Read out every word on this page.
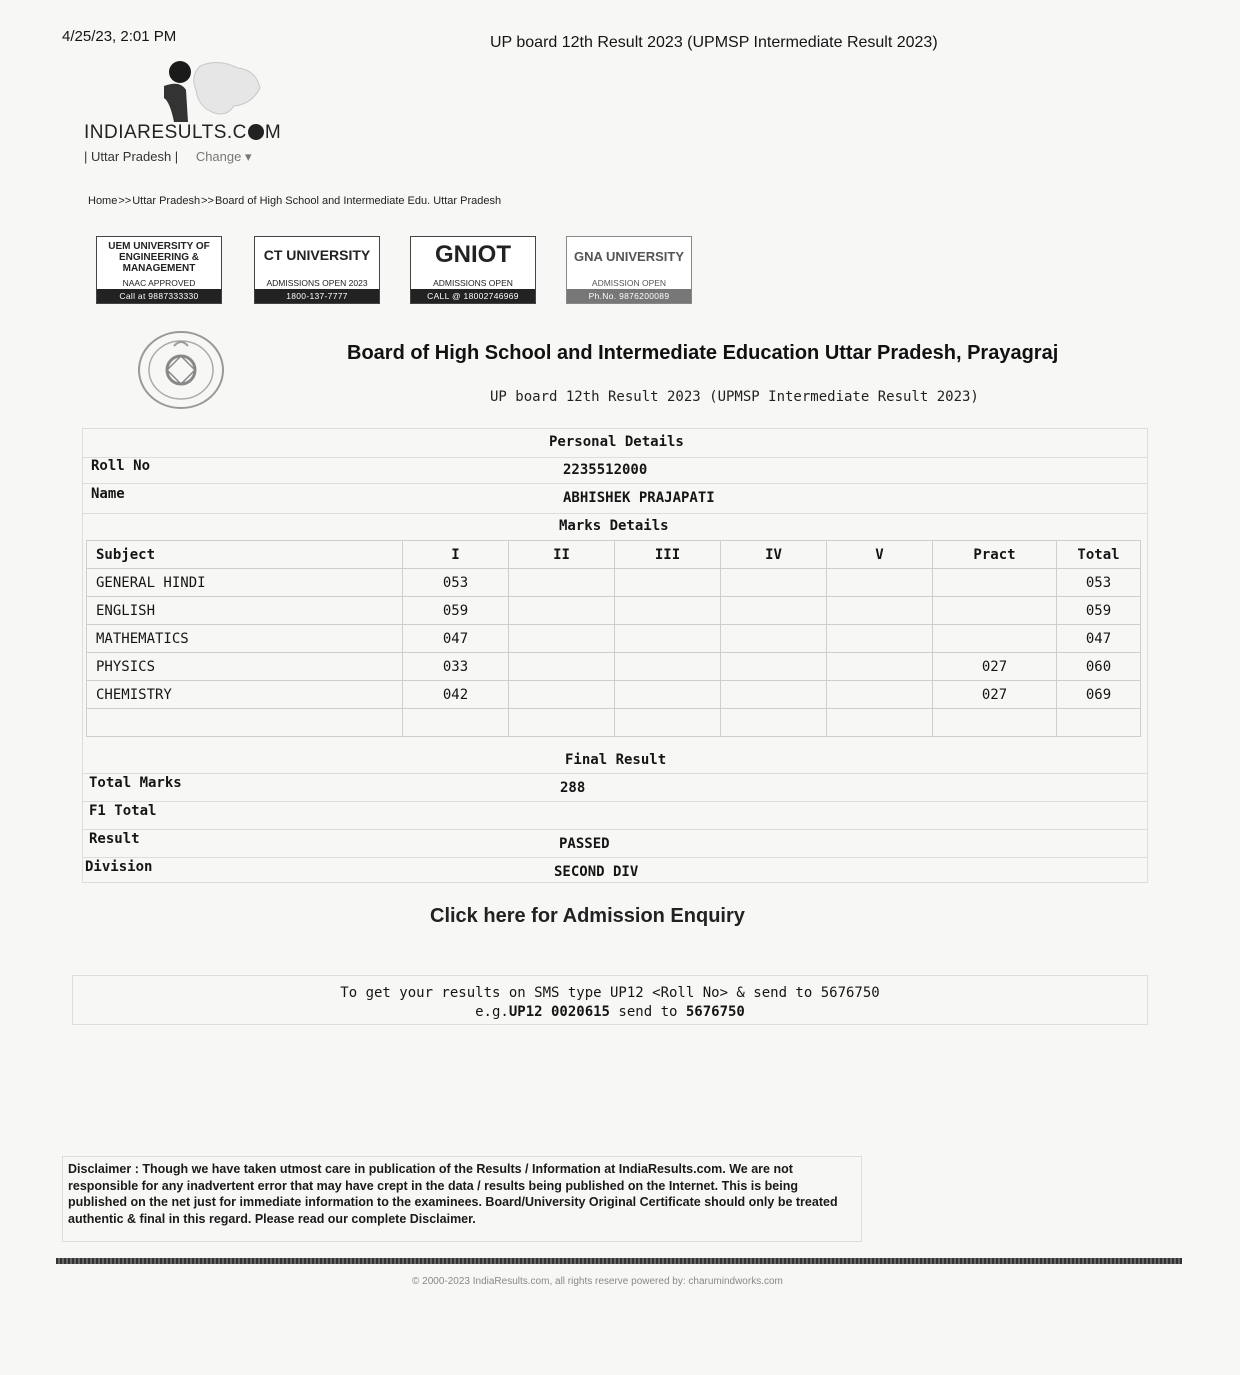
4/25/23, 2:01 PM	UP board 12th Result 2023 (UPMSP Intermediate Result 2023)
INDIARESULTS.C M
| Uttar Pradesh | Change ▾
Home>>Uttar Pradesh>>Board of High School and Intermediate Edu. Uttar Pradesh
UEM UNIVERSITY OF ENGINEERING & MANAGEMENT
NAAC APPROVED
Call at 9887333330
CT UNIVERSITY
ADMISSIONS OPEN 2023
1800-137-7777
GNIOT
ADMISSIONS OPEN
CALL @ 18002746969
GNA UNIVERSITY
ADMISSION OPEN
Ph.No. 9876200089
Board of High School and Intermediate Education Uttar Pradesh, Prayagraj
UP board 12th Result 2023 (UPMSP Intermediate Result 2023)
Personal Details
Roll No	2235512000
Name	ABHISHEK PRAJAPATI
Marks Details
Final Result
Total Marks	288
F1 Total
Result	PASSED
Division	SECOND DIV
Subject	I	II	III	IV	V	Pract	Total
GENERAL HINDI	053						053
ENGLISH	059						059
MATHEMATICS	047						047
PHYSICS	033					027	060
CHEMISTRY	042					027	069

Click here for Admission Enquiry
To get your results on SMS type UP12 <Roll No> & send to 5676750
e.g.UP12 0020615 send to 5676750
Disclaimer : Though we have taken utmost care in publication of the Results / Information at IndiaResults.com. We are not responsible for any inadvertent error that may have crept in the data / results being published on the Internet. This is being published on the net just for immediate information to the examinees. Board/University Original Certificate should only be treated authentic & final in this regard. Please read our complete Disclaimer.
© 2000-2023 IndiaResults.com, all rights reserve powered by: charumindworks.com
